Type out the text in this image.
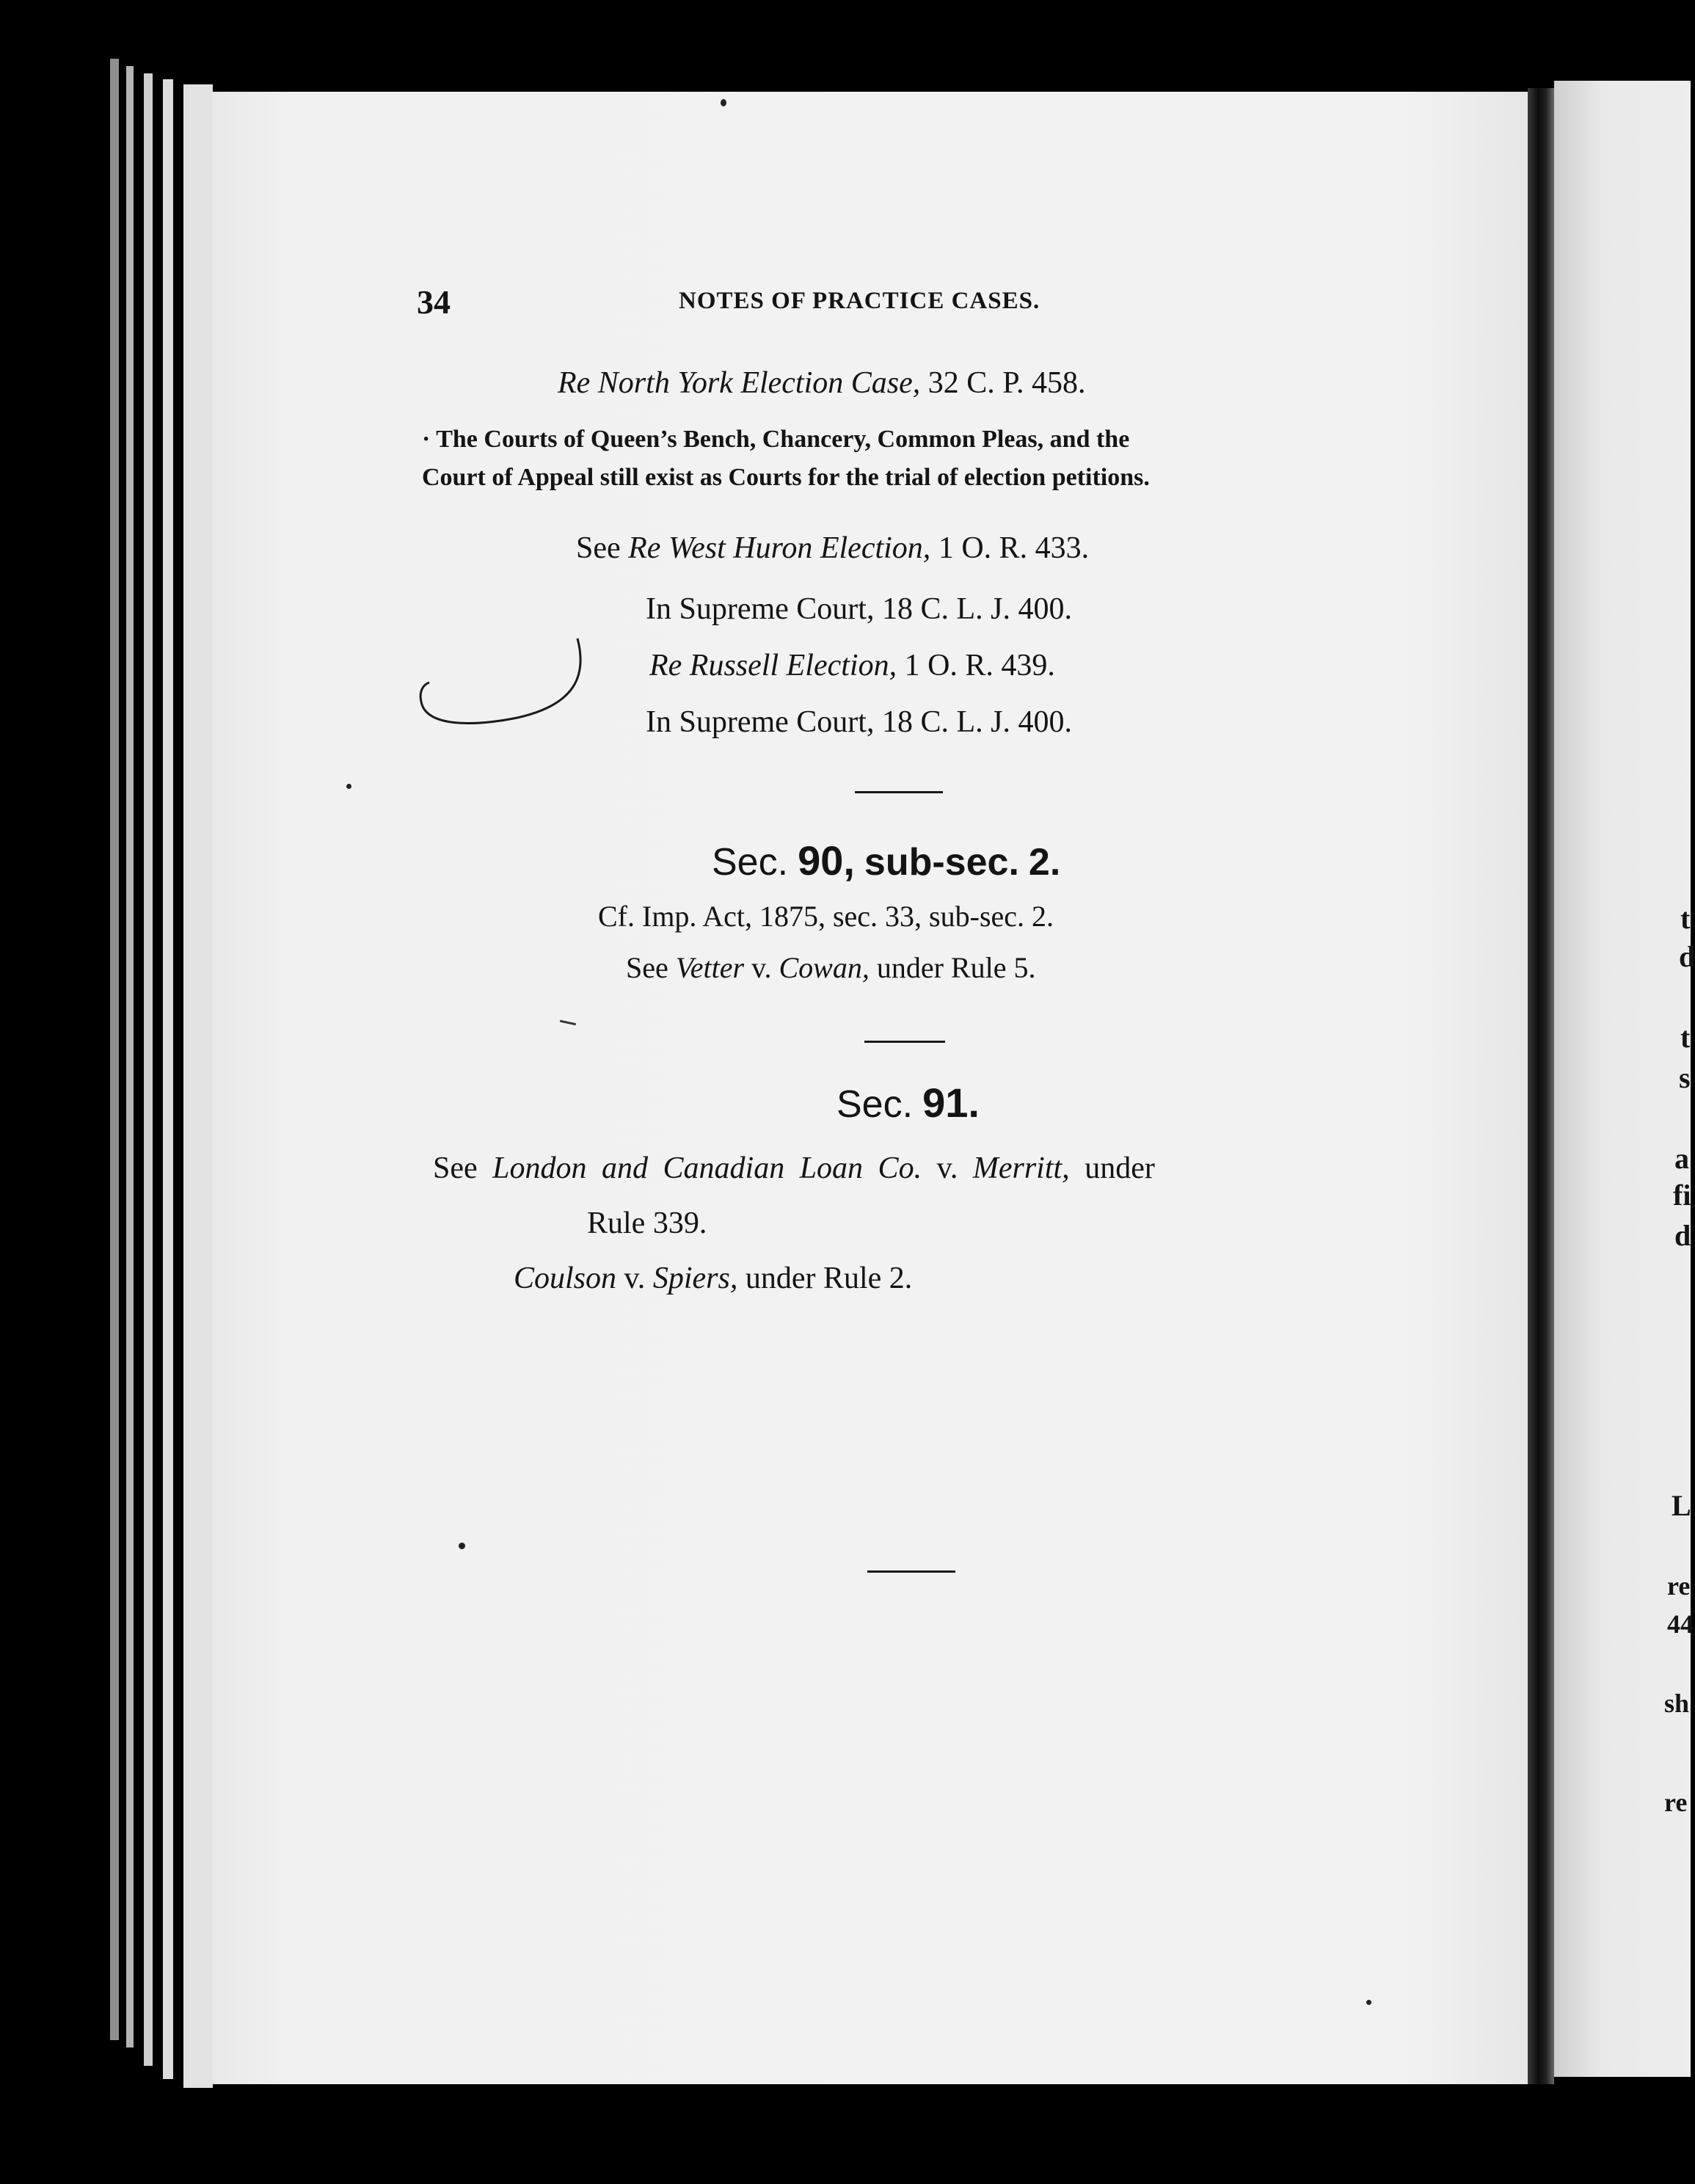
34	NOTES OF PRACTICE CASES.
Re North York Election Case, 32 C. P. 458.
· The Courts of Queen’s Bench, Chancery, Common Pleas, and the
Court of Appeal still exist as Courts for the trial of election petitions.
See Re West Huron Election, 1 O. R. 433.
In Supreme Court, 18 C. L. J. 400.
Re Russell Election, 1 O. R. 439.
In Supreme Court, 18 C. L. J. 400.
Sec. 90, sub-sec. 2.
Cf. Imp. Act, 1875, sec. 33, sub-sec. 2.
See Vetter v. Cowan, under Rule 5.
Sec. 91.
See London and Canadian Loan Co. v. Merritt, under
Rule 339.
Coulson v. Spiers, under Rule 2.
t
d
t
s
a
fi
d
L
re
44
sh
re
